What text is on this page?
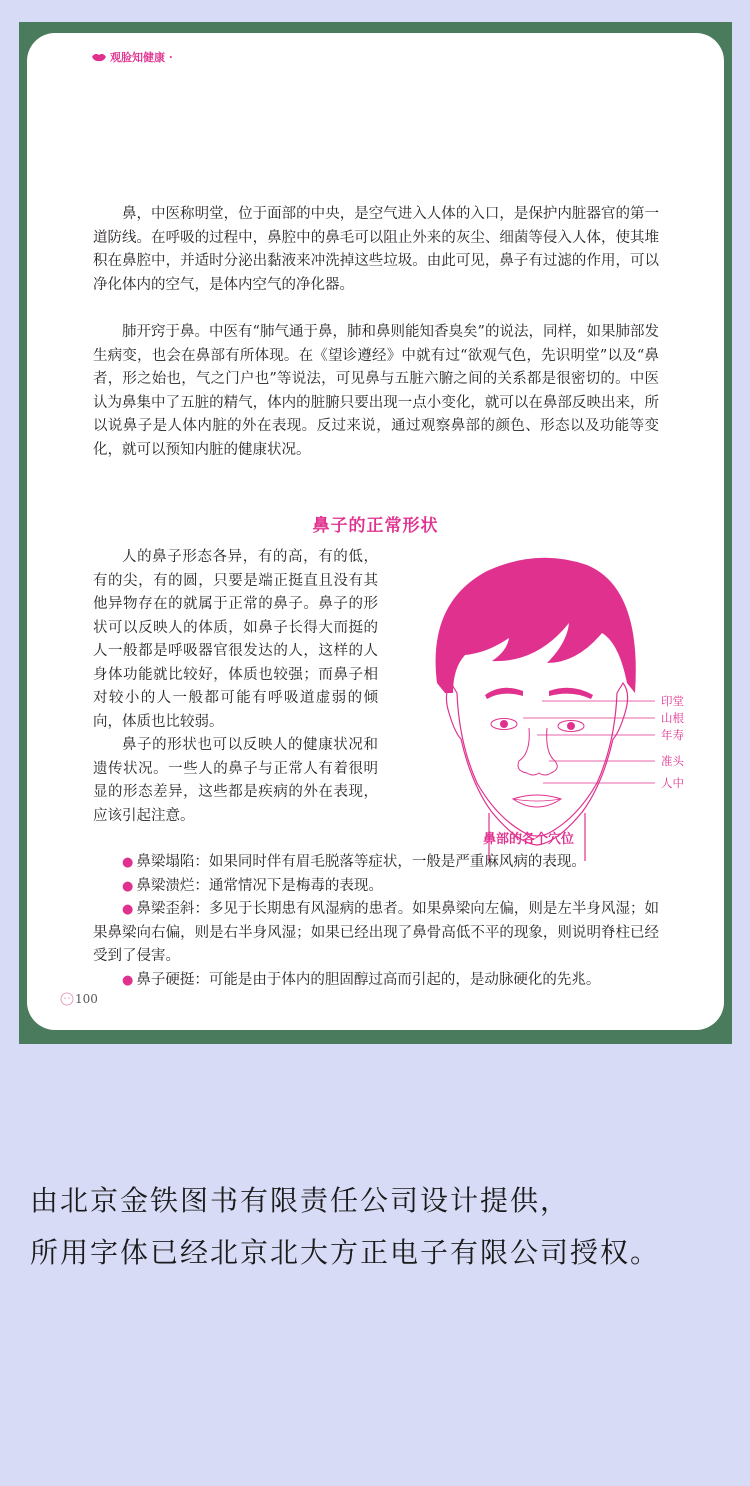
观脸知健康 ·

鼻，中医称明堂，位于面部的中央，是空气进入人体的入口，是保护内脏器官的第一道防线。在呼吸的过程中，鼻腔中的鼻毛可以阻止外来的灰尘、细菌等侵入人体，使其堆积在鼻腔中，并适时分泌出黏液来冲洗掉这些垃圾。由此可见，鼻子有过滤的作用，可以净化体内的空气，是体内空气的净化器。

肺开窍于鼻。中医有“肺气通于鼻，肺和鼻则能知香臭矣”的说法，同样，如果肺部发生病变，也会在鼻部有所体现。在《望诊遵经》中就有过“欲观气色，先识明堂”以及“鼻者，形之始也，气之门户也”等说法，可见鼻与五脏六腑之间的关系都是很密切的。中医认为鼻集中了五脏的精气，体内的脏腑只要出现一点小变化，就可以在鼻部反映出来，所以说鼻子是人体内脏的外在表现。反过来说，通过观察鼻部的颜色、形态以及功能等变化，就可以预知内脏的健康状况。

鼻子的正常形状

人的鼻子形态各异，有的高，有的低，有的尖，有的圆，只要是端正挺直且没有其他异物存在的就属于正常的鼻子。鼻子的形状可以反映人的体质，如鼻子长得大而挺的人一般都是呼吸器官很发达的人，这样的人身体功能就比较好，体质也较强；而鼻子相对较小的人一般都可能有呼吸道虚弱的倾向，体质也比较弱。

鼻子的形状也可以反映人的健康状况和遗传状况。一些人的鼻子与正常人有着很明显的形态差异，这些都是疾病的外在表现，应该引起注意。

印堂
山根
年寿
准头
人中
鼻部的各个穴位

● 鼻梁塌陷：如果同时伴有眉毛脱落等症状，一般是严重麻风病的表现。

● 鼻梁溃烂：通常情况下是梅毒的表现。

● 鼻梁歪斜：多见于长期患有风湿病的患者。如果鼻梁向左偏，则是左半身风湿；如果鼻梁向右偏，则是右半身风湿；如果已经出现了鼻骨高低不平的现象，则说明脊柱已经受到了侵害。

● 鼻子硬挺：可能是由于体内的胆固醇过高而引起的，是动脉硬化的先兆。

100
由北京金铁图书有限责任公司设计提供，
所用字体已经北京北大方正电子有限公司授权。
